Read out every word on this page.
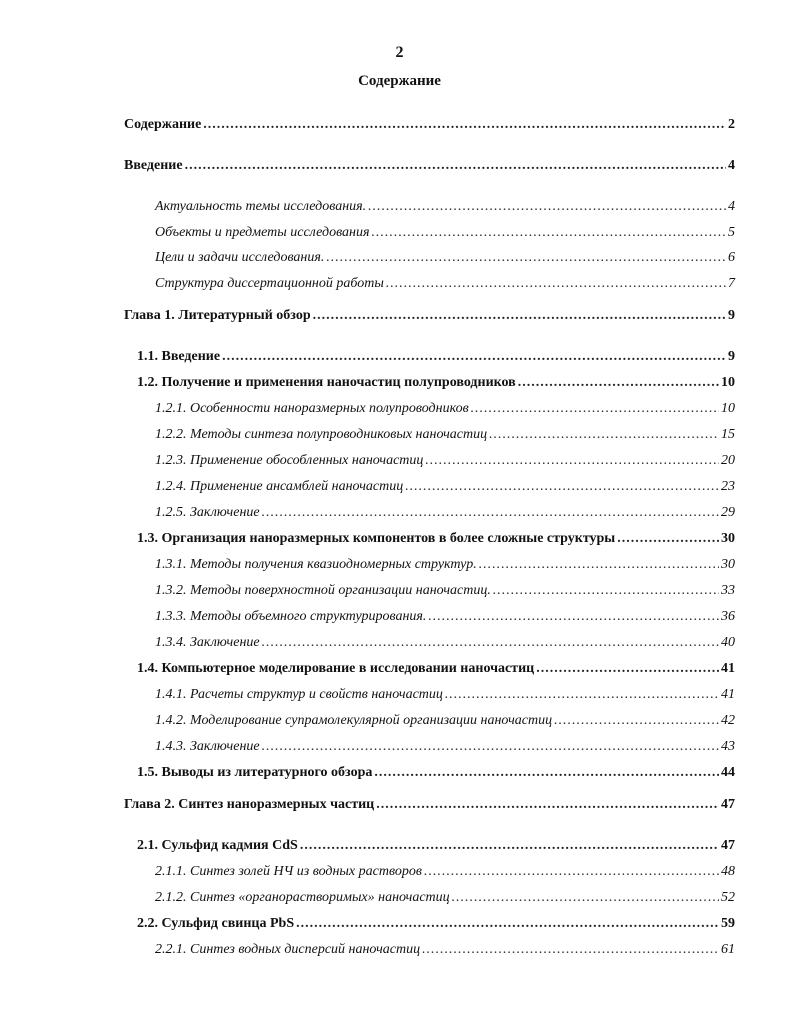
2
Содержание
Содержание .....	2
Введение .....	4
Актуальность темы исследования. .....	4
Объекты и предметы исследования .....	5
Цели и задачи исследования. .....	6
Структура диссертационной работы .....	7
Глава 1. Литературный обзор .....	9
1.1. Введение .....	9
1.2. Получение и применения наночастиц полупроводников .....	10
1.2.1. Особенности наноразмерных полупроводников .....	10
1.2.2. Методы синтеза полупроводниковых наночастиц .....	15
1.2.3. Применение обособленных наночастиц .....	20
1.2.4. Применение ансамблей наночастиц .....	23
1.2.5. Заключение .....	29
1.3. Организация наноразмерных компонентов в более сложные структуры .....	30
1.3.1. Методы получения квазиодномерных структур. .....	30
1.3.2. Методы поверхностной организации наночастиц. .....	33
1.3.3. Методы объемного структурирования. .....	36
1.3.4. Заключение .....	40
1.4. Компьютерное моделирование в исследовании наночастиц .....	41
1.4.1. Расчеты структур и свойств наночастиц .....	41
1.4.2. Моделирование супрамолекулярной организации наночастиц .....	42
1.4.3. Заключение .....	43
1.5. Выводы из литературного обзора .....	44
Глава 2. Синтез наноразмерных частиц .....	47
2.1. Сульфид кадмия CdS .....	47
2.1.1. Синтез золей НЧ из водных растворов .....	48
2.1.2. Синтез «органорастворимых» наночастиц .....	52
2.2. Сульфид свинца PbS .....	59
2.2.1. Синтез водных дисперсий наночастиц .....	61
